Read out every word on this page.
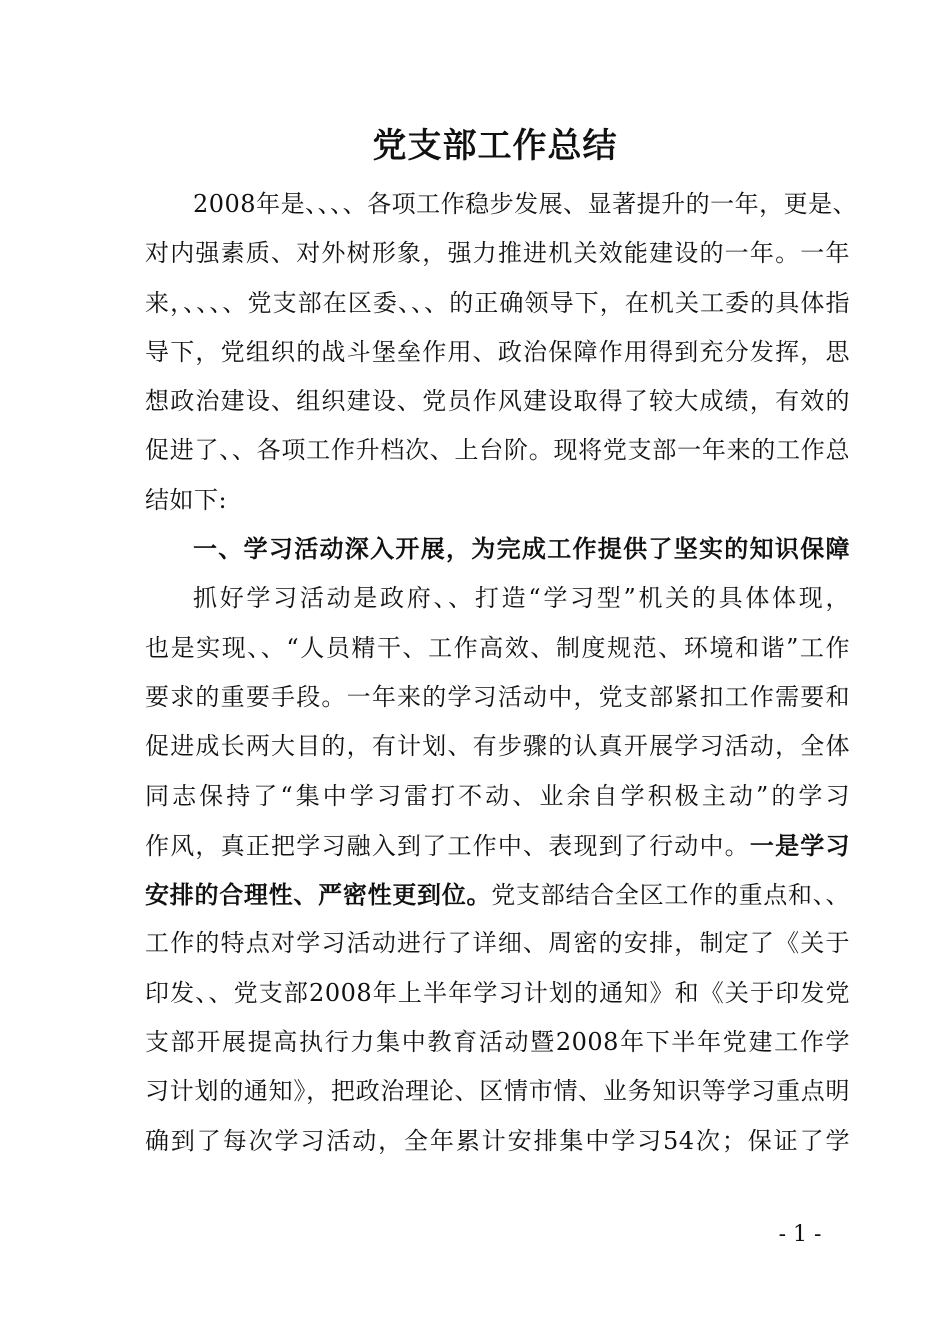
党支部工作总结
2008年是、、、、各项工作稳步发展、显著提升的一年，更是、
对内强素质、对外树形象，强力推进机关效能建设的一年。一年
来，、、、、党支部在区委、、、的正确领导下，在机关工委的具体指
导下，党组织的战斗堡垒作用、政治保障作用得到充分发挥，思
想政治建设、组织建设、党员作风建设取得了较大成绩，有效的
促进了、、各项工作升档次、上台阶。现将党支部一年来的工作总
结如下:
一、学习活动深入开展，为完成工作提供了坚实的知识保障
抓好学习活动是政府、、打造“学习型”机关的具体体现，
也是实现、、“人员精干、工作高效、制度规范、环境和谐”工作
要求的重要手段。一年来的学习活动中，党支部紧扣工作需要和
促进成长两大目的，有计划、有步骤的认真开展学习活动，全体
同志保持了“集中学习雷打不动、业余自学积极主动”的学习
作风，真正把学习融入到了工作中、表现到了行动中。一是学习
安排的合理性、严密性更到位。党支部结合全区工作的重点和、、
工作的特点对学习活动进行了详细、周密的安排，制定了《关于
印发、、党支部2008年上半年学习计划的通知》和《关于印发党
支部开展提高执行力集中教育活动暨2008年下半年党建工作学
习计划的通知》，把政治理论、区情市情、业务知识等学习重点明
确到了每次学习活动，全年累计安排集中学习54次；保证了学
- 1 -
